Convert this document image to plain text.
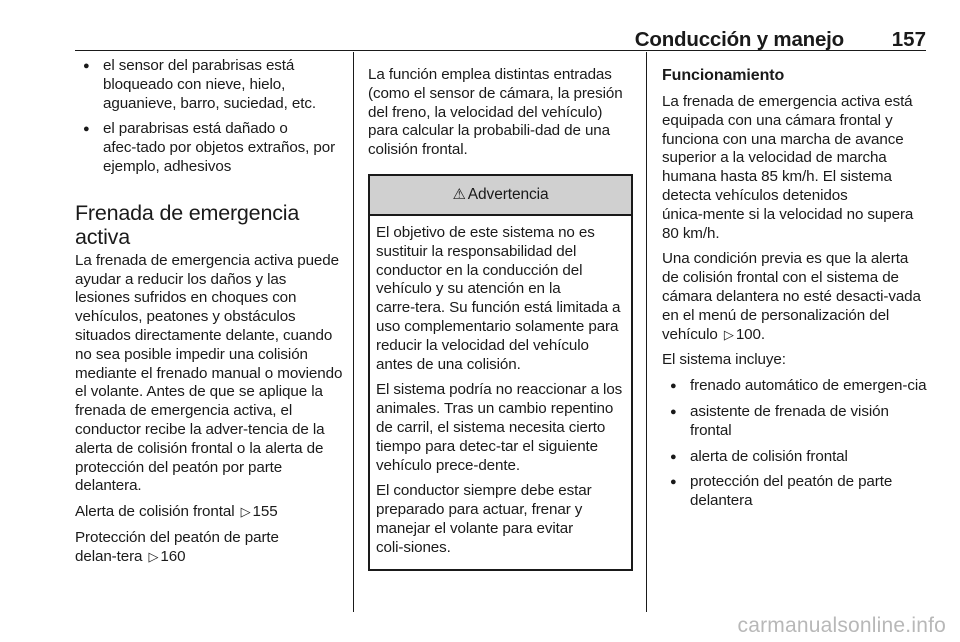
Conducción y manejo 157
● el sensor del parabrisas está bloqueado con nieve, hielo, aguanieve, barro, suciedad, etc.
● el parabrisas está dañado o afec‑tado por objetos extraños, por ejemplo, adhesivos
Frenada de emergencia activa

La frenada de emergencia activa puede ayudar a reducir los daños y las lesiones sufridos en choques con vehículos, peatones y obstáculos situados directamente delante, cuando no sea posible impedir una colisión mediante el frenado manual o moviendo el volante. Antes de que se aplique la frenada de emergencia activa, el conductor recibe la adver‑tencia de la alerta de colisión frontal o la alerta de protección del peatón por parte delantera.

Alerta de colisión frontal ▷ 155

Protección del peatón de parte delan‑tera ▷ 160

La función emplea distintas entradas (como el sensor de cámara, la presión del freno, la velocidad del vehículo) para calcular la probabili‑dad de una colisión frontal.

⚠ Advertencia

El objetivo de este sistema no es sustituir la responsabilidad del conductor en la conducción del vehículo y su atención en la carre‑tera. Su función está limitada a uso complementario solamente para reducir la velocidad del vehículo antes de una colisión.

El sistema podría no reaccionar a los animales. Tras un cambio repentino de carril, el sistema necesita cierto tiempo para detec‑tar el siguiente vehículo prece‑dente.

El conductor siempre debe estar preparado para actuar, frenar y manejar el volante para evitar coli‑siones.

Funcionamiento

La frenada de emergencia activa está equipada con una cámara frontal y funciona con una marcha de avance superior a la velocidad de marcha humana hasta 85 km/h. El sistema detecta vehículos detenidos única‑mente si la velocidad no supera 80 km/h.

Una condición previa es que la alerta de colisión frontal con el sistema de cámara delantera no esté desacti‑vada en el menú de personalización del vehículo ▷ 100.

El sistema incluye:

● frenado automático de emergen‑cia
● asistente de frenada de visión frontal
● alerta de colisión frontal
● protección del peatón de parte delantera
carmanualsonline.info
